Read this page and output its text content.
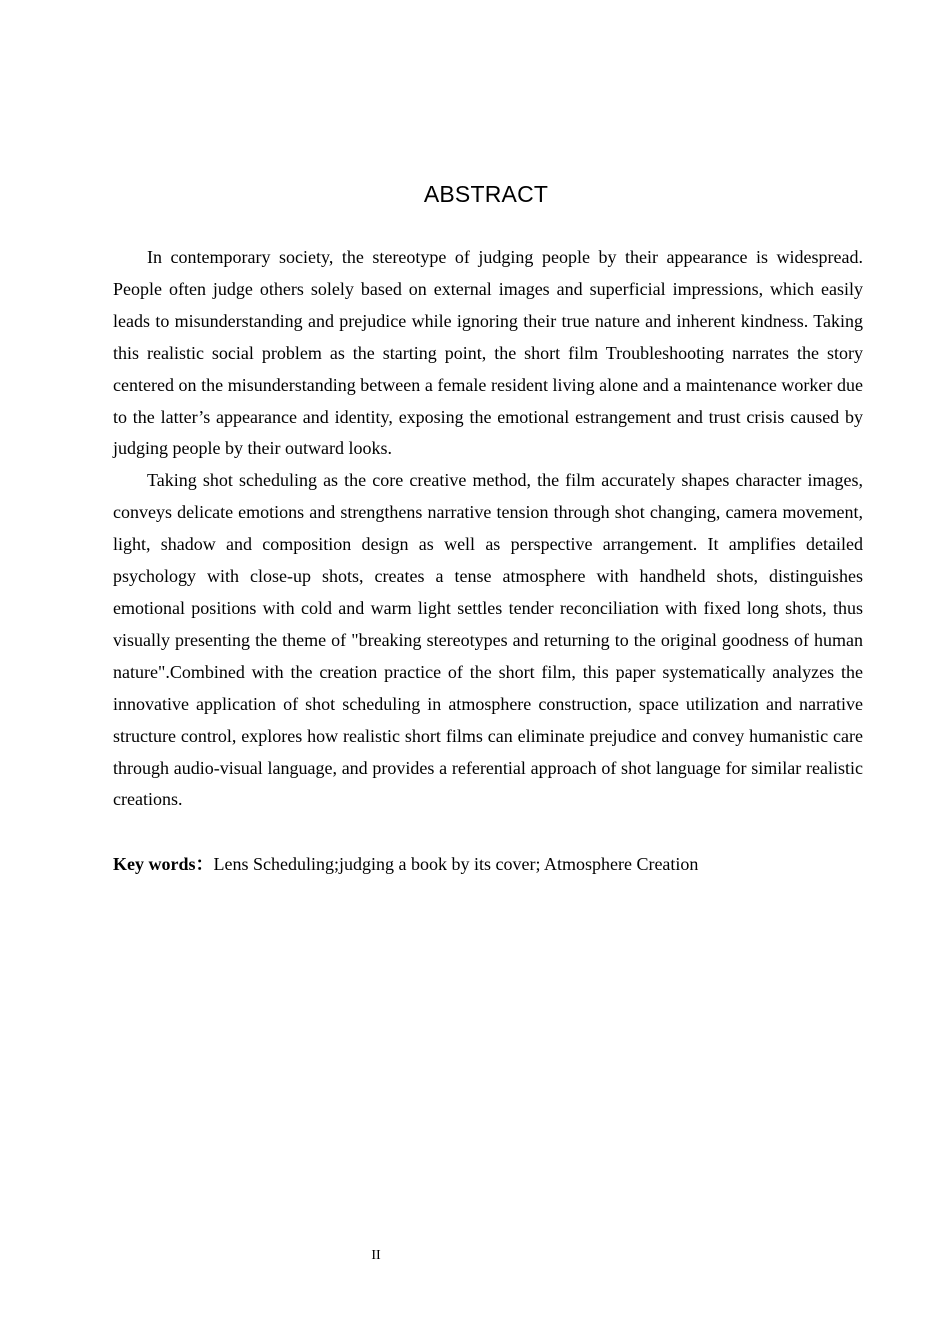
ABSTRACT

In contemporary society, the stereotype of judging people by their appearance is widespread. People often judge others solely based on external images and superficial impressions, which easily leads to misunderstanding and prejudice while ignoring their true nature and inherent kindness. Taking this realistic social problem as the starting point, the short film Troubleshooting narrates the story centered on the misunderstanding between a female resident living alone and a maintenance worker due to the latter’s appearance and identity, exposing the emotional estrangement and trust crisis caused by judging people by their outward looks.

Taking shot scheduling as the core creative method, the film accurately shapes character images, conveys delicate emotions and strengthens narrative tension through shot changing, camera movement, light, shadow and composition design as well as perspective arrangement. It amplifies detailed psychology with close-up shots, creates a tense atmosphere with handheld shots, distinguishes emotional positions with cold and warm light settles tender reconciliation with fixed long shots, thus visually presenting the theme of "breaking stereotypes and returning to the original goodness of human nature".Combined with the creation practice of the short film, this paper systematically analyzes the innovative application of shot scheduling in atmosphere construction, space utilization and narrative structure control, explores how realistic short films can eliminate prejudice and convey humanistic care through audio-visual language, and provides a referential approach of shot language for similar realistic creations.

Key words：Lens Scheduling;judging a book by its cover; Atmosphere Creation

II
